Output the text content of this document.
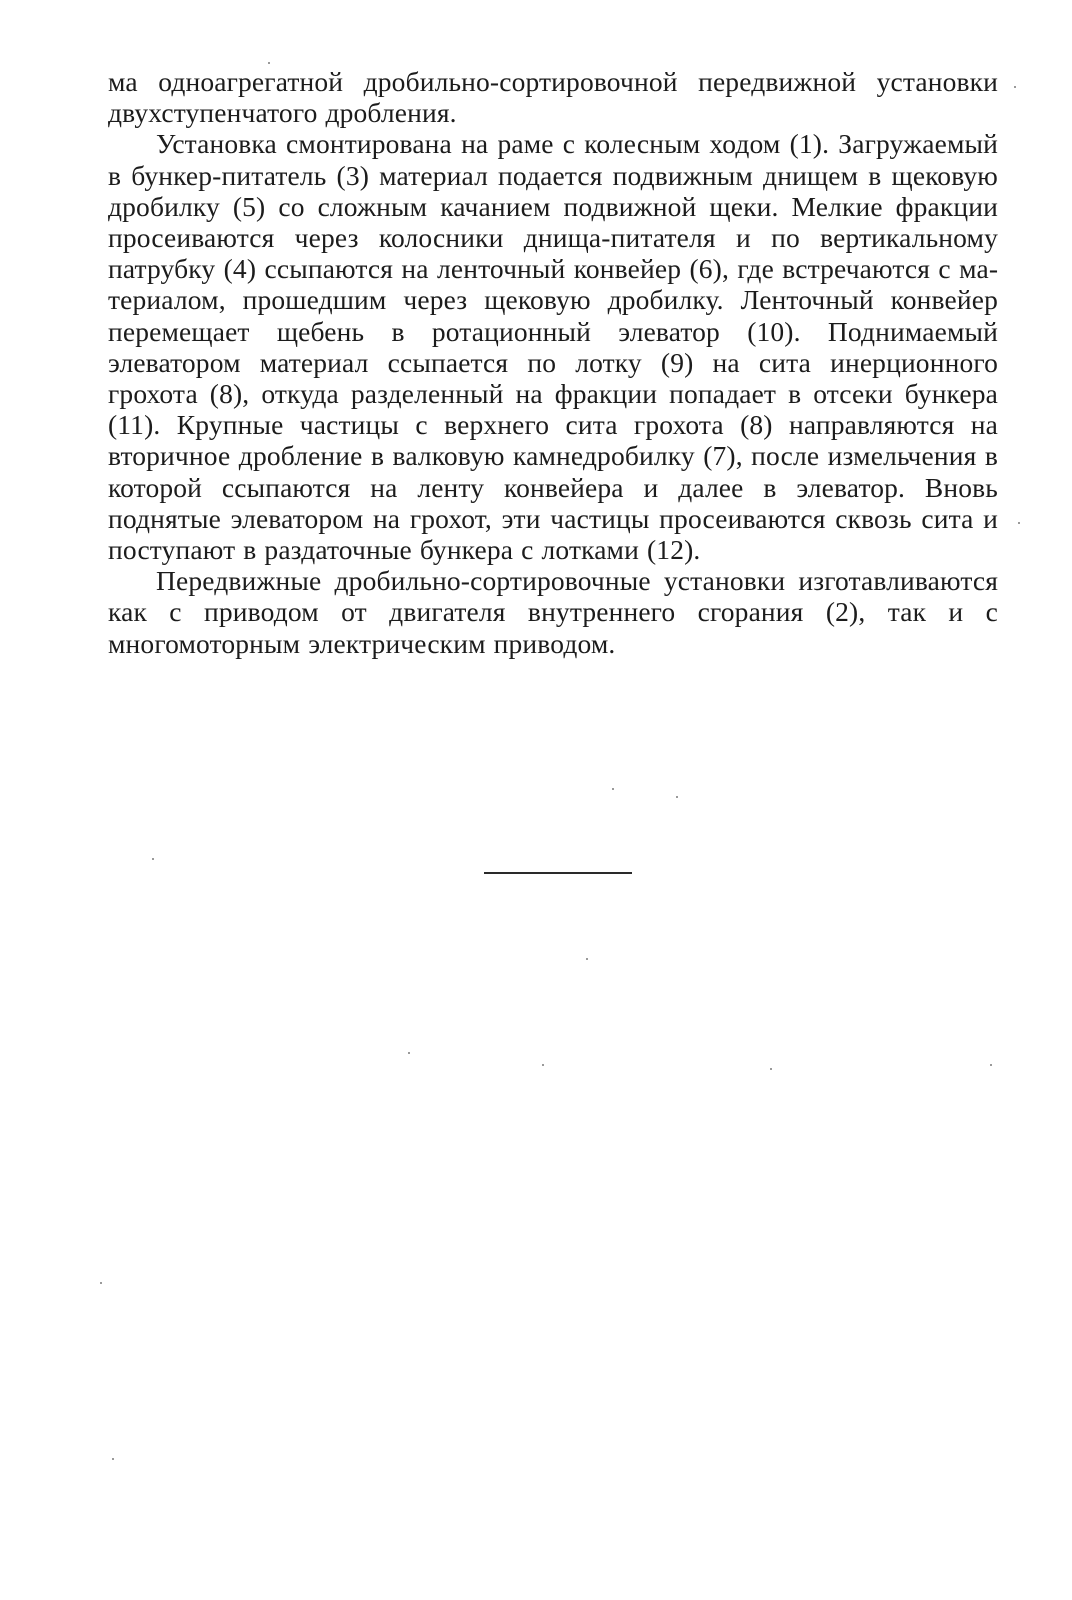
ма одноагрегатной дробильно-сортировочной передвижной установки двухступенчатого дробления.

Установка смонтирована на раме с колесным ходом (1). Загружаемый в бункер-питатель (3) материал подается подвижным днищем в щековую дробилку (5) со сложным качанием подвижной щеки. Мелкие фракции просеиваются через колосники днища-питателя и по вертикальному патрубку (4) ссыпаются на ленточный конвейер (6), где встречаются с материалом, прошедшим через щековую дробилку. Ленточный конвейер перемещает щебень в ротационный элеватор (10). Поднимаемый элеватором материал ссыпается по лотку (9) на сита инерционного грохота (8), откуда разделенный на фракции попадает в отсеки бункера (11). Крупные частицы с верхнего сита грохота (8) направляются на вторичное дробление в валковую камнедробилку (7), после измельчения в которой ссыпаются на ленту конвейера и далее в элеватор. Вновь поднятые элеватором на грохот, эти частицы просеиваются сквозь сита и поступают в раздаточные бункера с лотками (12).

Передвижные дробильно-сортировочные установки изготавливаются как с приводом от двигателя внутреннего сгорания (2), так и с многомоторным электрическим приводом.
